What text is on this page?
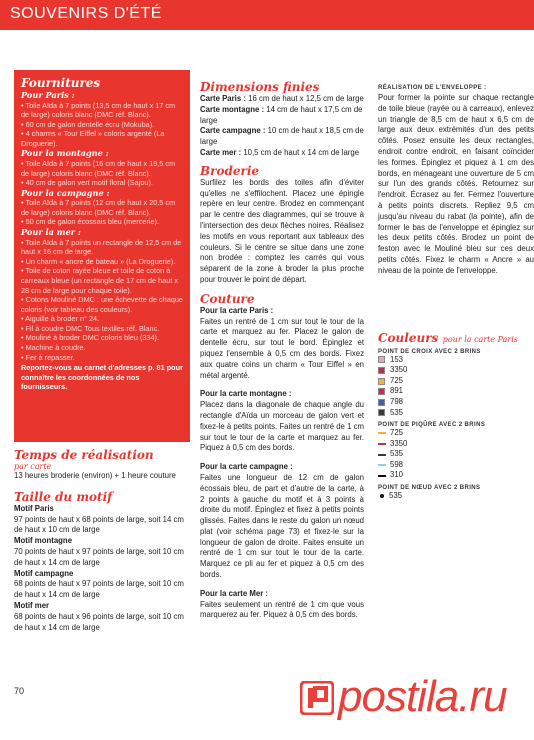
SOUVENIRS D'ÉTÉ
Fournitures
Pour Paris :
• Toile Aïda à 7 points (13,5 cm de haut x 17 cm de large) coloris blanc (DMC réf. Blanc).
• 60 cm de galon dentelle écru (Mokuba).
• 4 charms « Tour Eiffel » coloris argenté (La Droguerie).
Pour la montagne :
• Toile Aïda à 7 points (16 cm de haut x 19,5 cm de large) coloris blanc (DMC réf. Blanc).
• 40 cm de galon vert motif floral (Sajou).
Pour la campagne :
• Toile Aïda à 7 points (12 cm de haut x 20,5 cm de large) coloris blanc (DMC réf. Blanc).
• 50 cm de galon écossais bleu (mercerie).
Pour la mer :
• Toile Aïda à 7 points un rectangle de 12,5 cm de haut x 16 cm de large.
• Un charm « ancre de bateau » (La Droguerie).
• Toile de coton rayée bleue et toile de coton à carreaux bleue (un rectangle de 17 cm de haut x 28 cm de large pour chaque toile).
• Cotons Mouliné DMC : une échevette de chaque coloris (voir tableau des couleurs).
• Aiguille à broder n° 24.
• Fil à coudre DMC Tous textiles réf. Blanc.
• Mouliné à broder DMC coloris bleu (334).
• Machine à coudre.
• Fer à repasser.
Reportez-vous au carnet d'adresses p. 81 pour connaître les coordonnées de nos fournisseurs.
Temps de réalisation
par carte
13 heures broderie (environ) + 1 heure couture
Taille du motif
Motif Paris
97 points de haut x 68 points de large, soit 14 cm de haut x 10 cm de large
Motif montagne
70 points de haut x 97 points de large, soit 10 cm de haut x 14 cm de large
Motif campagne
68 points de haut x 97 points de large, soit 10 cm de haut x 14 cm de large
Motif mer
68 points de haut x 96 points de large, soit 10 cm de haut x 14 cm de large
Dimensions finies
Carte Paris : 16 cm de haut x 12,5 cm de large
Carte montagne : 14 cm de haut x 17,5 cm de large
Carte campagne : 10 cm de haut x 18,5 cm de large
Carte mer : 10,5 cm de haut x 14 cm de large
Broderie
Surfilez les bords des toiles afin d'éviter qu'elles ne s'effilochent. Placez une épingle repère en leur centre. Brodez en commençant par le centre des diagrammes, qui se trouve à l'intersection des deux flèches noires. Réalisez les motifs en vous reportant aux tableaux des couleurs. Si le centre se situe dans une zone non brodée : comptez les carrés qui vous séparent de la zone à broder la plus proche pour trouver le point de départ.
Couture
Pour la carte Paris :
Faites un rentré de 1 cm sur tout le tour de la carte et marquez au fer. Placez le galon de dentelle écru, sur tout le bord. Épinglez et piquez l'ensemble à 0,5 cm des bords. Fixez aux quatre coins un charm « Tour Eiffel » en métal argenté.
Pour la carte montagne :
Placez dans la diagonale de chaque angle du rectangle d'Aïda un morceau de galon vert et fixez-le à petits points. Faites un rentré de 1 cm sur tout le tour de la carte et marquez au fer. Piquez à 0,5 cm des bords.
Pour la carte campagne :
Faites une longueur de 12 cm de galon écossais bleu, de part et d'autre de la carte, à 2 points à gauche du motif et à 3 points à droite du motif. Épinglez et fixez à petits points glissés. Faites dans le reste du galon un nœud plat (voir schéma page 73) et fixez-le sur la longueur de galon de droite. Faites ensuite un rentré de 1 cm sur tout le tour de la carte. Marquez ce pli au fer et piquez à 0,5 cm des bords.
Pour la carte Mer :
Faites seulement un rentré de 1 cm que vous marquerez au fer. Piquez à 0,5 cm des bords.
RÉALISATION DE L'ENVELOPPE :
Pour former la pointe sur chaque rectangle de toile bleue (rayée ou à carreaux), enlevez un triangle de 8,5 cm de haut x 6,5 cm de large aux deux extrémités d'un des petits côtés. Posez ensuite les deux rectangles, endroit contre endroit, en faisant coïncider les formes. Épinglez et piquez à 1 cm des bords, en ménageant une ouverture de 5 cm sur l'un des grands côtés. Retournez sur l'endroit. Écrasez au fer. Fermez l'ouverture à petits points discrets. Repliez 9,5 cm jusqu'au niveau du rabat (la pointe), afin de former le bas de l'enveloppe et épinglez sur les deux petits côtés. Brodez un point de feston avec le Mouliné bleu sur ces deux petits côtés. Fixez le charm « Ancre » au niveau de la pointe de l'enveloppe.
Couleurs pour la carte Paris
POINT DE CROIX AVEC 2 BRINS
153
3350
725
891
798
535
POINT DE PIQÛRE AVEC 2 BRINS
725
3350
535
598
310
POINT DE NŒUD AVEC 2 BRINS
535
70	postila.ru
